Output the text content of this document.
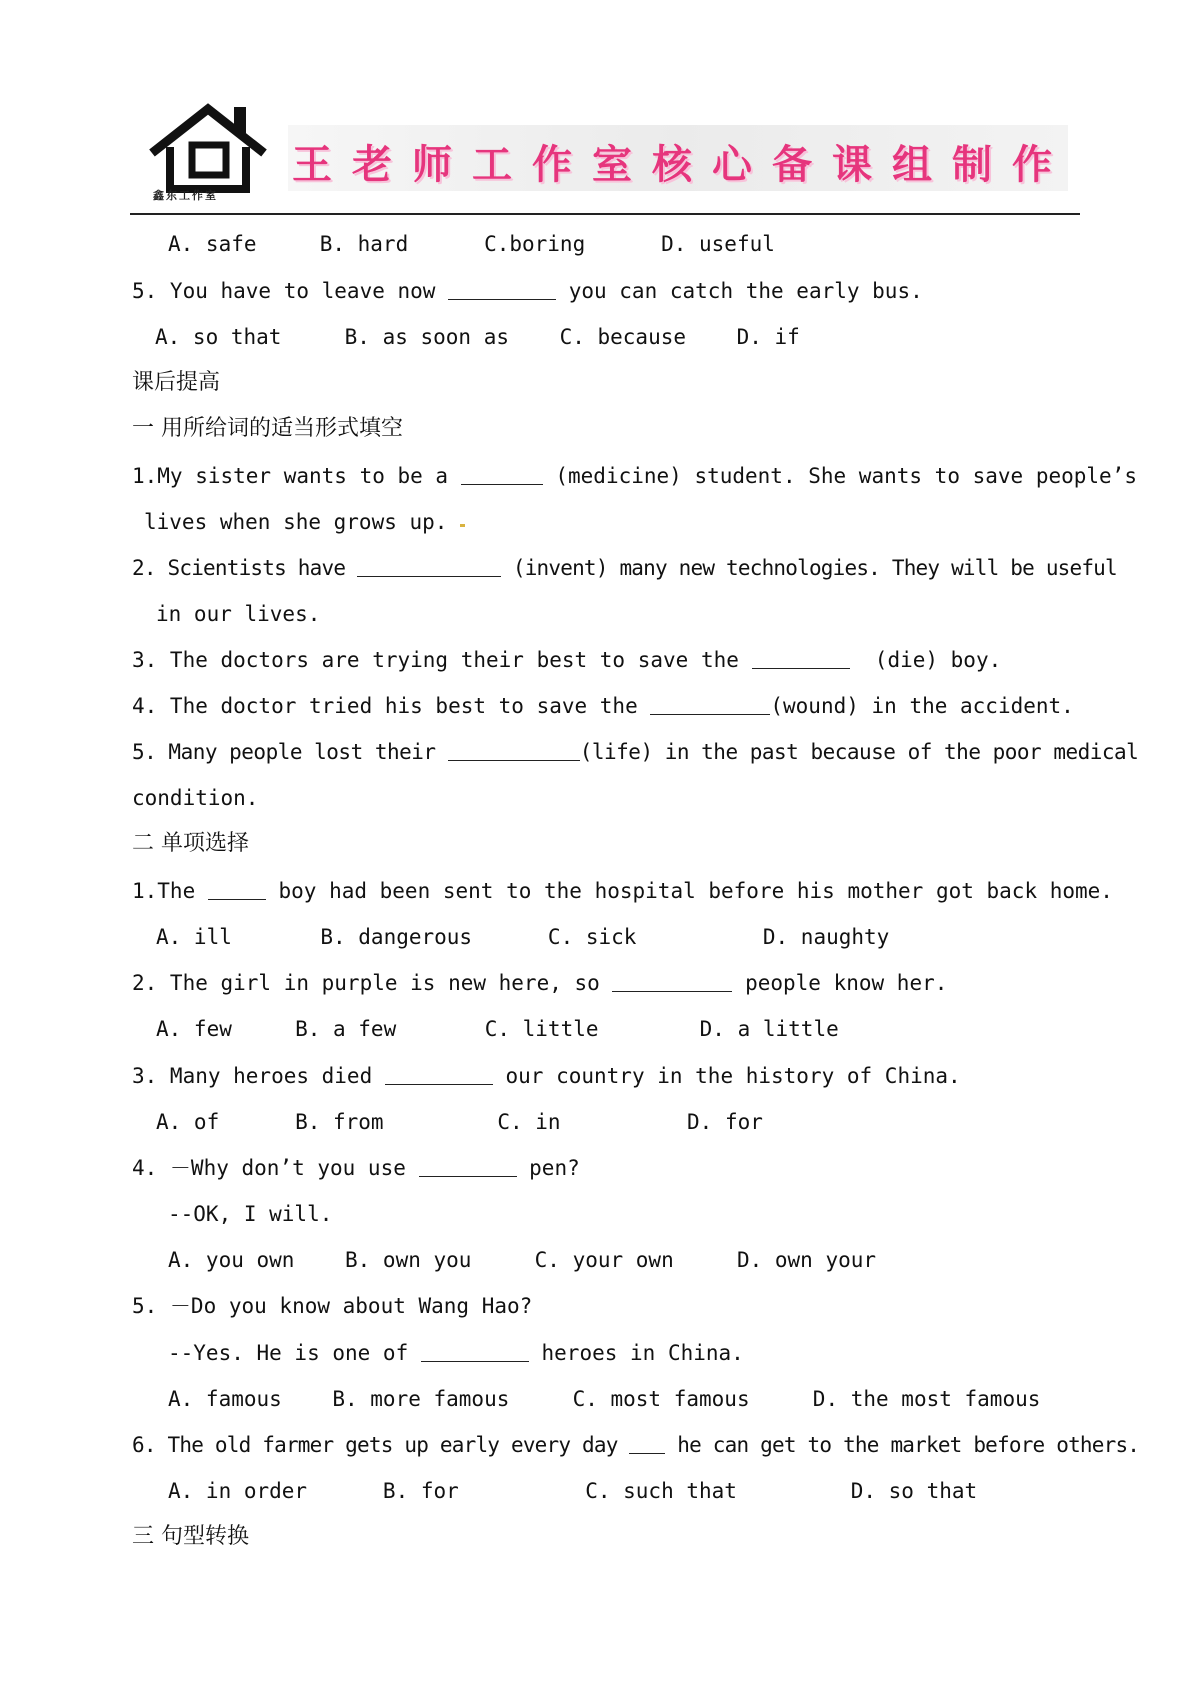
鑫东工作室
王老师工作室核心备课组制作
A. safe     B. hard      C.boring      D. useful
5. You have to leave now	you can catch the early bus.
A. so that     B. as soon as    C. because    D. if
课后提高
一 用所给词的适当形式填空
1.My sister wants to be a	(medicine) student. She wants to save people’s
lives when she grows up.
2. Scientists have	(invent) many new technologies. They will be useful
in our lives.
3. The doctors are trying their best to save the	(die) boy.
4. The doctor tried his best to save the	(wound) in the accident.
5. Many people lost their	(life) in the past because of the poor medical
condition.
二 单项选择
1.The	boy had been sent to the hospital before his mother got back home.
A. ill       B. dangerous      C. sick          D. naughty
2. The girl in purple is new here, so	people know her.
A. few     B. a few       C. little        D. a little
3. Many heroes died	our country in the history of China.
A. of      B. from         C. in          D. for
4. －Why don’t you use	pen?
--OK, I will.
A. you own    B. own you     C. your own     D. own your
5. －Do you know about Wang Hao?
--Yes. He is one of	heroes in China.
A. famous    B. more famous     C. most famous     D. the most famous
6. The old farmer gets up early every day  he can get to the market before others.
A. in order      B. for          C. such that         D. so that
三 句型转换
